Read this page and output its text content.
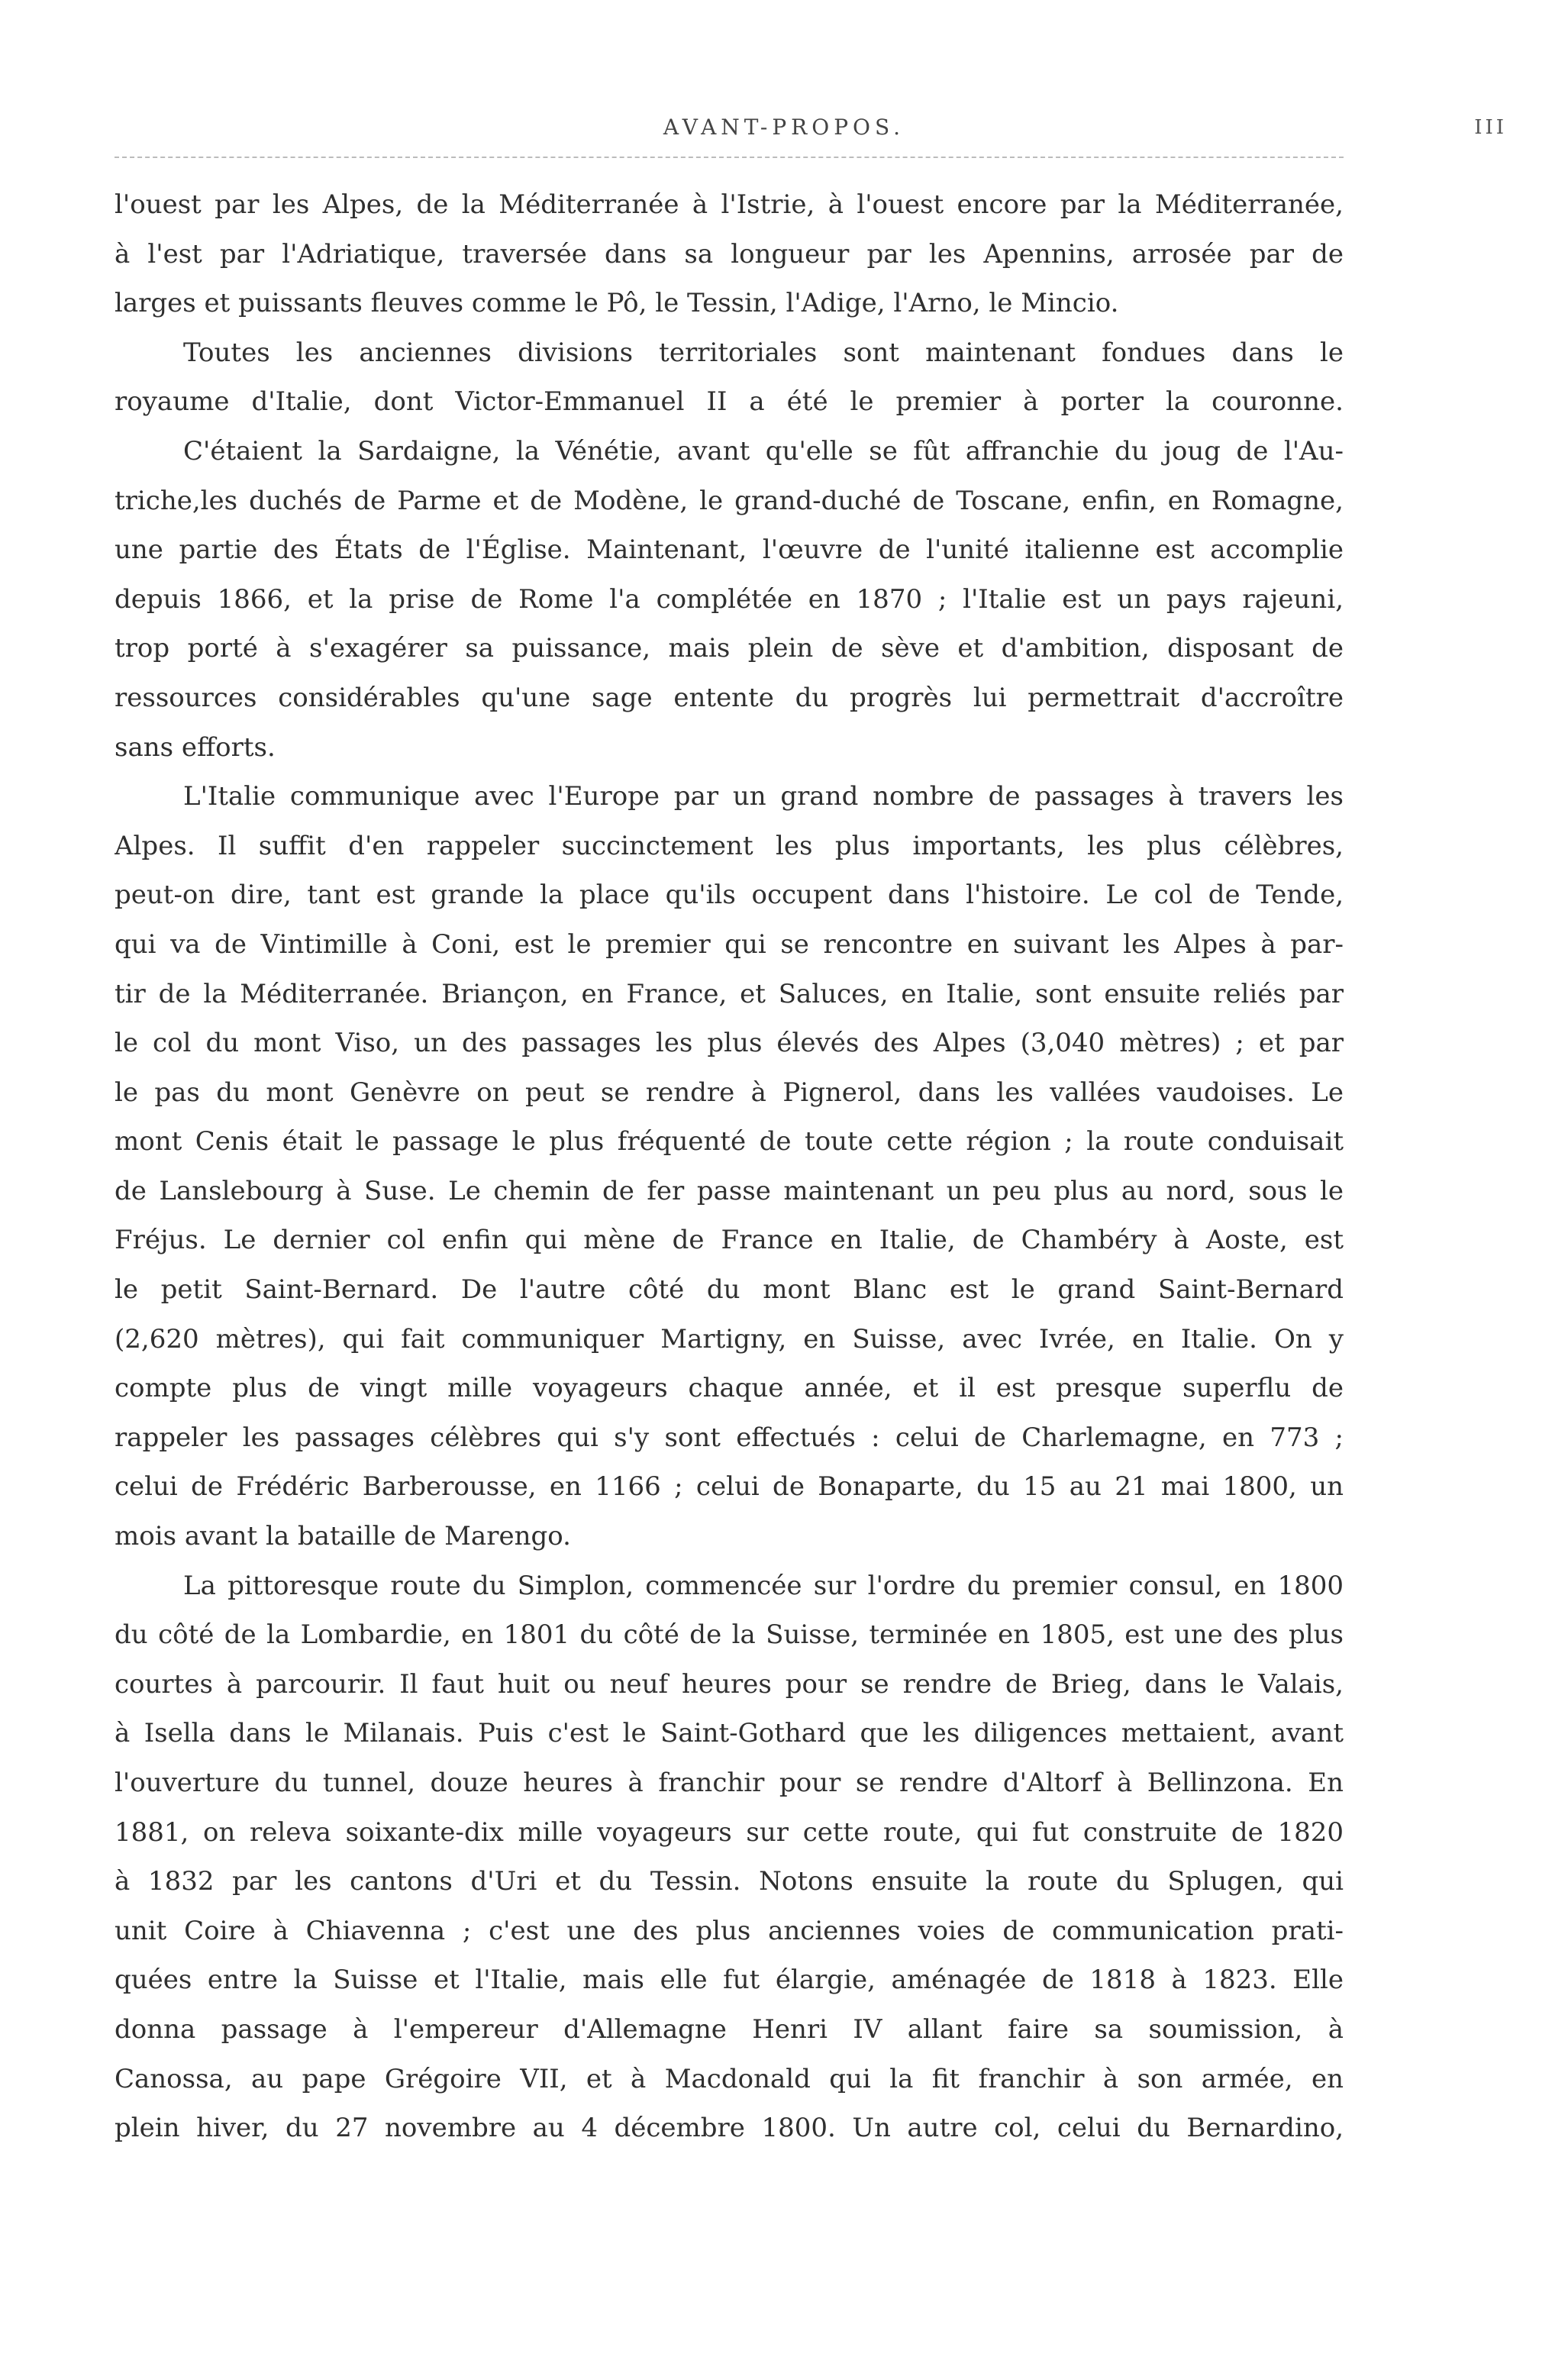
AVANT-PROPOS.	III
l'ouest par les Alpes, de la Méditerranée à l'Istrie, à l'ouest encore par la Méditerranée,
à l'est par l'Adriatique, traversée dans sa longueur par les Apennins, arrosée par de
larges et puissants fleuves comme le Pô, le Tessin, l'Adige, l'Arno, le Mincio.
Toutes les anciennes divisions territoriales sont maintenant fondues dans le
royaume d'Italie, dont Victor-Emmanuel II a été le premier à porter la couronne.
C'étaient la Sardaigne, la Vénétie, avant qu'elle se fût affranchie du joug de l'Au-
triche,les duchés de Parme et de Modène, le grand-duché de Toscane, enfin, en Romagne,
une partie des États de l'Église. Maintenant, l'œuvre de l'unité italienne est accomplie
depuis 1866, et la prise de Rome l'a complétée en 1870 ; l'Italie est un pays rajeuni,
trop porté à s'exagérer sa puissance, mais plein de sève et d'ambition, disposant de
ressources considérables qu'une sage entente du progrès lui permettrait d'accroître
sans efforts.
L'Italie communique avec l'Europe par un grand nombre de passages à travers les
Alpes. Il suffit d'en rappeler succinctement les plus importants, les plus célèbres,
peut-on dire, tant est grande la place qu'ils occupent dans l'histoire. Le col de Tende,
qui va de Vintimille à Coni, est le premier qui se rencontre en suivant les Alpes à par-
tir de la Méditerranée. Briançon, en France, et Saluces, en Italie, sont ensuite reliés par
le col du mont Viso, un des passages les plus élevés des Alpes (3,040 mètres) ; et par
le pas du mont Genèvre on peut se rendre à Pignerol, dans les vallées vaudoises. Le
mont Cenis était le passage le plus fréquenté de toute cette région ; la route conduisait
de Lanslebourg à Suse. Le chemin de fer passe maintenant un peu plus au nord, sous le
Fréjus. Le dernier col enfin qui mène de France en Italie, de Chambéry à Aoste, est
le petit Saint-Bernard. De l'autre côté du mont Blanc est le grand Saint-Bernard
(2,620 mètres), qui fait communiquer Martigny, en Suisse, avec Ivrée, en Italie. On y
compte plus de vingt mille voyageurs chaque année, et il est presque superflu de
rappeler les passages célèbres qui s'y sont effectués : celui de Charlemagne, en 773 ;
celui de Frédéric Barberousse, en 1166 ; celui de Bonaparte, du 15 au 21 mai 1800, un
mois avant la bataille de Marengo.
La pittoresque route du Simplon, commencée sur l'ordre du premier consul, en 1800
du côté de la Lombardie, en 1801 du côté de la Suisse, terminée en 1805, est une des plus
courtes à parcourir. Il faut huit ou neuf heures pour se rendre de Brieg, dans le Valais,
à Isella dans le Milanais. Puis c'est le Saint-Gothard que les diligences mettaient, avant
l'ouverture du tunnel, douze heures à franchir pour se rendre d'Altorf à Bellinzona. En
1881, on releva soixante-dix mille voyageurs sur cette route, qui fut construite de 1820
à 1832 par les cantons d'Uri et du Tessin. Notons ensuite la route du Splugen, qui
unit Coire à Chiavenna ; c'est une des plus anciennes voies de communication prati-
quées entre la Suisse et l'Italie, mais elle fut élargie, aménagée de 1818 à 1823. Elle
donna passage à l'empereur d'Allemagne Henri IV allant faire sa soumission, à
Canossa, au pape Grégoire VII, et à Macdonald qui la fit franchir à son armée, en
plein hiver, du 27 novembre au 4 décembre 1800. Un autre col, celui du Bernardino,
